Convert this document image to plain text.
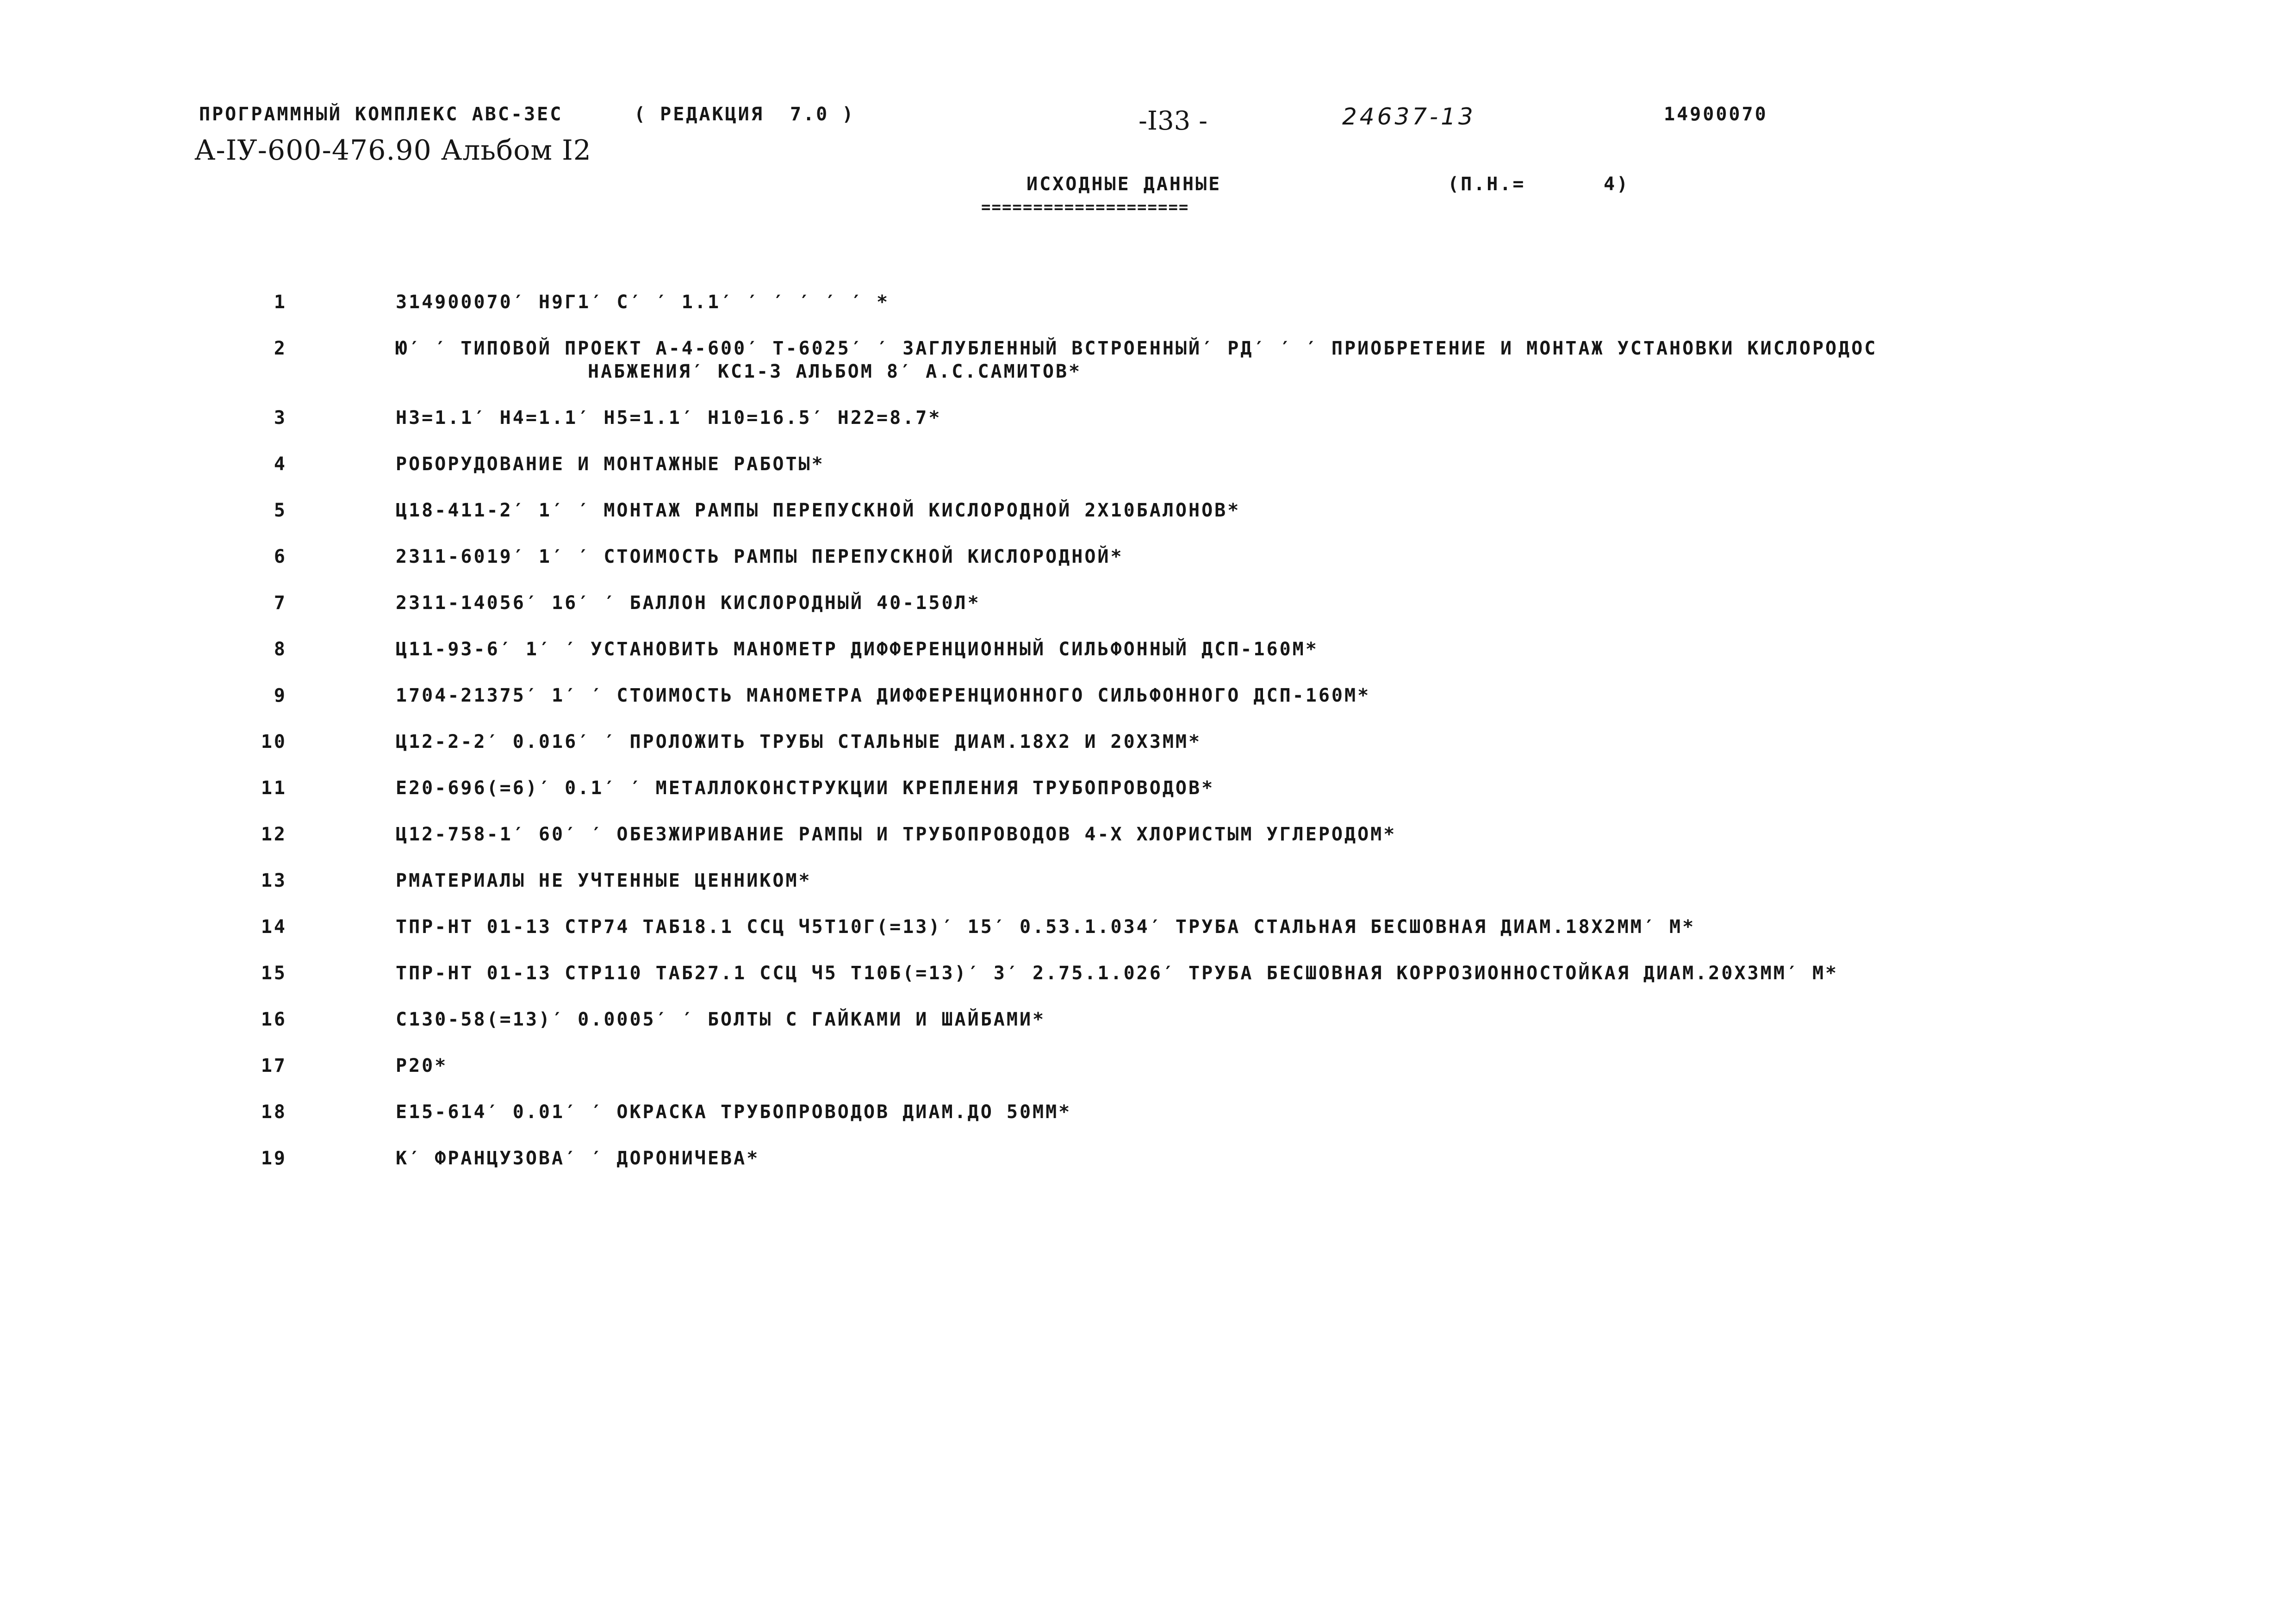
ПРОГРАММНЫЙ КОМПЛЕКС АВС-3ЕС	( РЕДАКЦИЯ  7.0 )	-I33 -	24637-13	14900070
А-IУ-600-476.90 Альбом I2
ИСХОДНЫЕ ДАННЫЕ
====================
(П.Н.=      4)
1	314900070′ Н9Г1′ С′ ′ 1.1′ ′ ′ ′ ′ ′ *
2	Ю′ ′ ТИПОВОЙ ПРОЕКТ А-4-600′ Т-6025′ ′ ЗАГЛУБЛЕННЫЙ ВСТРОЕННЫЙ′ РД′ ′ ′ ПРИОБРЕТЕНИЕ И МОНТАЖ УСТАНОВКИ КИСЛОРОДОС
НАБЖЕНИЯ′ КС1-3 АЛЬБОМ 8′ А.С.САМИТОВ*
3	Н3=1.1′ Н4=1.1′ Н5=1.1′ Н10=16.5′ Н22=8.7*
4	РОБОРУДОВАНИЕ И МОНТАЖНЫЕ РАБОТЫ*
5	Ц18-411-2′ 1′ ′ МОНТАЖ РАМПЫ ПЕРЕПУСКНОЙ КИСЛОРОДНОЙ 2Х10БАЛОНОВ*
6	2311-6019′ 1′ ′ СТОИМОСТЬ РАМПЫ ПЕРЕПУСКНОЙ КИСЛОРОДНОЙ*
7	2311-14056′ 16′ ′ БАЛЛОН КИСЛОРОДНЫЙ 40-150Л*
8	Ц11-93-6′ 1′ ′ УСТАНОВИТЬ МАНОМЕТР ДИФФЕРЕНЦИОННЫЙ СИЛЬФОННЫЙ ДСП-160М*
9	1704-21375′ 1′ ′ СТОИМОСТЬ МАНОМЕТРА ДИФФЕРЕНЦИОННОГО СИЛЬФОННОГО ДСП-160М*
10	Ц12-2-2′ 0.016′ ′ ПРОЛОЖИТЬ ТРУБЫ СТАЛЬНЫЕ ДИАМ.18Х2 И 20Х3ММ*
11	Е20-696(=6)′ 0.1′ ′ МЕТАЛЛОКОНСТРУКЦИИ КРЕПЛЕНИЯ ТРУБОПРОВОДОВ*
12	Ц12-758-1′ 60′ ′ ОБЕЗЖИРИВАНИЕ РАМПЫ И ТРУБОПРОВОДОВ 4-Х ХЛОРИСТЫМ УГЛЕРОДОМ*
13	РМАТЕРИАЛЫ НЕ УЧТЕННЫЕ ЦЕННИКОМ*
14	ТПР-НТ 01-13 СТР74 ТАБ18.1 ССЦ Ч5Т10Г(=13)′ 15′ 0.53.1.034′ ТРУБА СТАЛЬНАЯ БЕСШОВНАЯ ДИАМ.18Х2ММ′ М*
15	ТПР-НТ 01-13 СТР110 ТАБ27.1 ССЦ Ч5 Т10Б(=13)′ 3′ 2.75.1.026′ ТРУБА БЕСШОВНАЯ КОРРОЗИОННОСТОЙКАЯ ДИАМ.20Х3ММ′ М*
16	С130-58(=13)′ 0.0005′ ′ БОЛТЫ С ГАЙКАМИ И ШАЙБАМИ*
17	Р20*
18	Е15-614′ 0.01′ ′ ОКРАСКА ТРУБОПРОВОДОВ ДИАМ.ДО 50ММ*
19	К′ ФРАНЦУЗОВА′ ′ ДОРОНИЧЕВА*
